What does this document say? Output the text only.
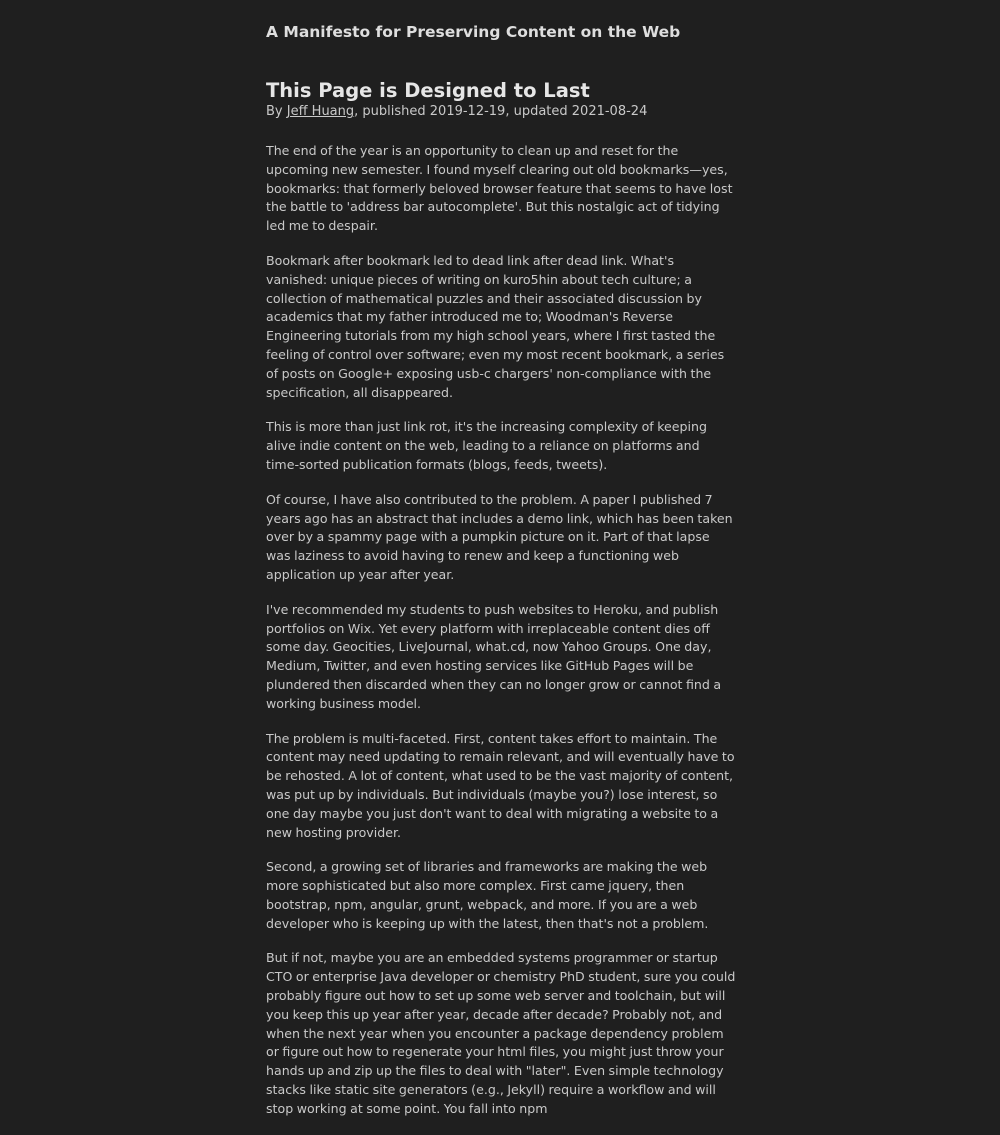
A Manifesto for Preserving Content on the Web
This Page is Designed to Last

By Jeff Huang, published 2019-12-19, updated 2021-08-24

The end of the year is an opportunity to clean up and reset for the upcoming new semester. I found myself clearing out old bookmarks—yes, bookmarks: that formerly beloved browser feature that seems to have lost the battle to 'address bar autocomplete'. But this nostalgic act of tidying led me to despair.

Bookmark after bookmark led to dead link after dead link. What's vanished: unique pieces of writing on kuro5hin about tech culture; a collection of mathematical puzzles and their associated discussion by academics that my father introduced me to; Woodman's Reverse Engineering tutorials from my high school years, where I first tasted the feeling of control over software; even my most recent bookmark, a series of posts on Google+ exposing usb-c chargers' non-compliance with the specification, all disappeared.

This is more than just link rot, it's the increasing complexity of keeping alive indie content on the web, leading to a reliance on platforms and time-sorted publication formats (blogs, feeds, tweets).

Of course, I have also contributed to the problem. A paper I published 7 years ago has an abstract that includes a demo link, which has been taken over by a spammy page with a pumpkin picture on it. Part of that lapse was laziness to avoid having to renew and keep a functioning web application up year after year.

I've recommended my students to push websites to Heroku, and publish portfolios on Wix. Yet every platform with irreplaceable content dies off some day. Geocities, LiveJournal, what.cd, now Yahoo Groups. One day, Medium, Twitter, and even hosting services like GitHub Pages will be plundered then discarded when they can no longer grow or cannot find a working business model.

The problem is multi-faceted. First, content takes effort to maintain. The content may need updating to remain relevant, and will eventually have to be rehosted. A lot of content, what used to be the vast majority of content, was put up by individuals. But individuals (maybe you?) lose interest, so one day maybe you just don't want to deal with migrating a website to a new hosting provider.

Second, a growing set of libraries and frameworks are making the web more sophisticated but also more complex. First came jquery, then bootstrap, npm, angular, grunt, webpack, and more. If you are a web developer who is keeping up with the latest, then that's not a problem.

But if not, maybe you are an embedded systems programmer or startup CTO or enterprise Java developer or chemistry PhD student, sure you could probably figure out how to set up some web server and toolchain, but will you keep this up year after year, decade after decade? Probably not, and when the next year when you encounter a package dependency problem or figure out how to regenerate your html files, you might just throw your hands up and zip up the files to deal with "later". Even simple technology stacks like static site generators (e.g., Jekyll) require a workflow and will stop working at some point. You fall into npm
